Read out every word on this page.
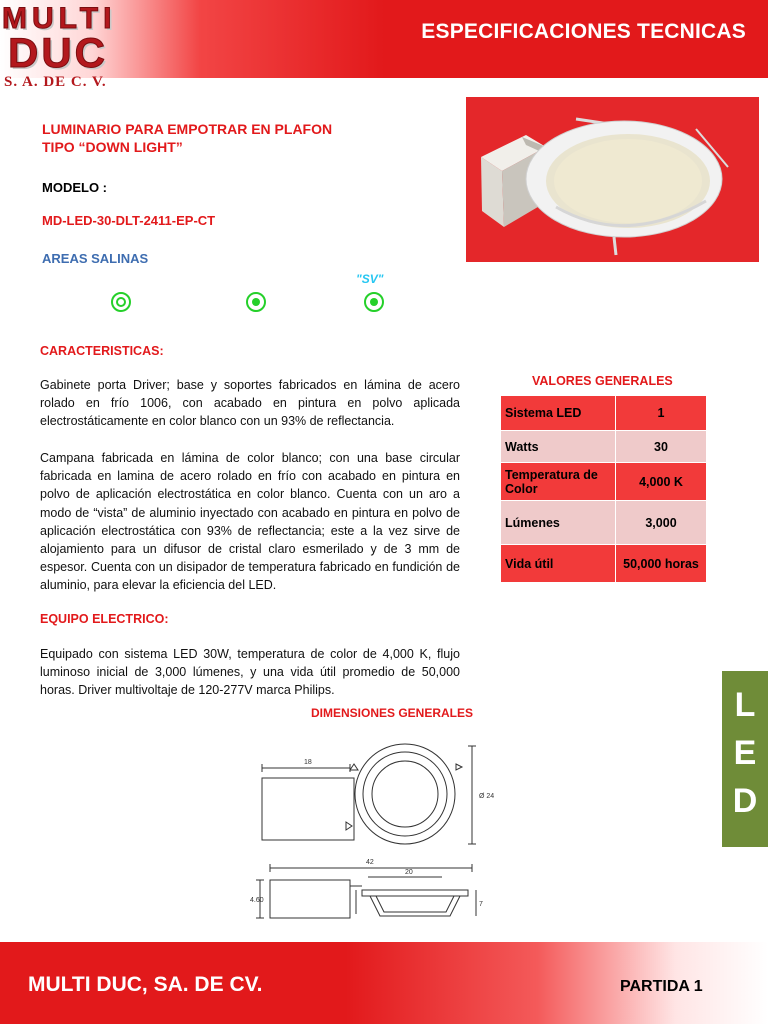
ESPECIFICACIONES TECNICAS
MULTI
DUC
S. A. DE C. V.
LUMINARIO PARA EMPOTRAR EN PLAFON
TIPO “DOWN LIGHT”
MODELO :
MD-LED-30-DLT-2411-EP-CT
AREAS SALINAS
"SV"
CARACTERISTICAS:
Gabinete porta Driver; base y soportes fabricados en lámina de acero rolado en frío 1006, con acabado en pintura en polvo aplicada electrostáticamente en color blanco con un 93% de reflectancia.
Campana fabricada en lámina de color blanco; con una base circular fabricada en lamina de acero rolado en frío con acabado en pintura en polvo de aplicación electrostática en color blanco. Cuenta con un aro a modo de “vista” de aluminio inyectado con acabado en pintura en polvo de aplicación electrostática con 93% de reflectancia; este a la vez sirve de alojamiento para un difusor de cristal claro esmerilado y de 3 mm de espesor. Cuenta con un disipador de temperatura fabricado en fundición de aluminio, para elevar la eficiencia del LED.
EQUIPO ELECTRICO:
Equipado con sistema LED 30W, temperatura de color de 4,000 K, flujo luminoso inicial de 3,000 lúmenes, y una vida útil promedio de 50,000 horas. Driver multivoltaje de 120-277V marca Philips.
VALORES GENERALES
Sistema LED	1
Watts	30
Temperatura de Color	4,000 K
Lúmenes	3,000
Vida útil	50,000 horas
L
E
D
DIMENSIONES GENERALES
18
Ø 24
42
20
4.60
7
MULTI DUC, SA. DE CV.	PARTIDA 1
